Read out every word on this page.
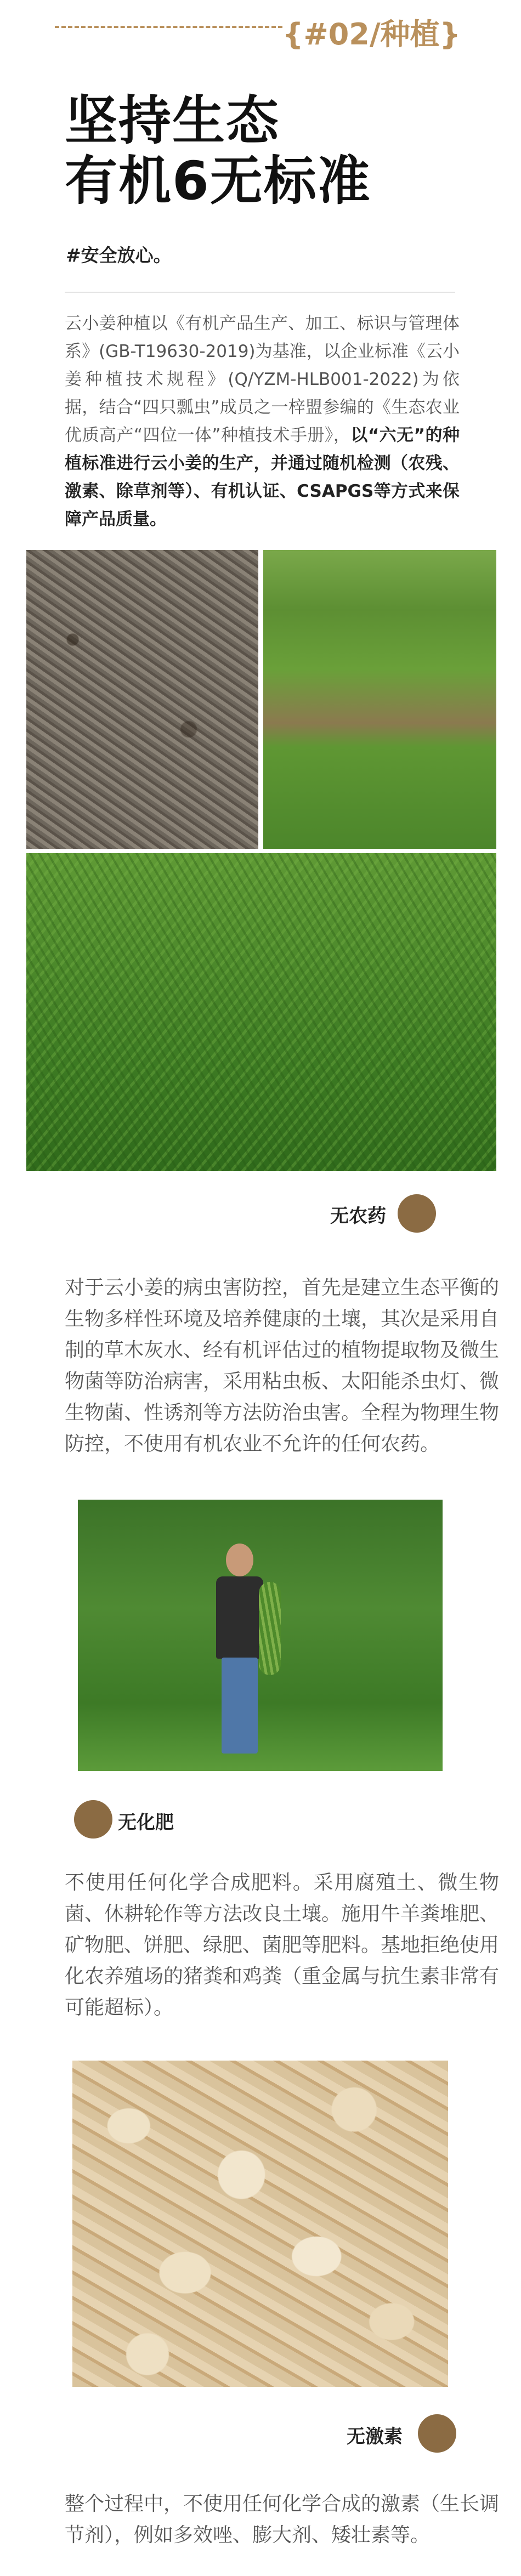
{#02/种植}
坚持生态
有机6无标准
#安全放心。
云小姜种植以《有机产品生产、加工、标识与管理体系》(GB-T19630-2019)为基准，以企业标准《云小姜种植技术规程》(Q/YZM-HLB001-2022)为依据，结合“四只瓢虫”成员之一梓盟参编的《生态农业优质高产“四位一体”种植技术手册》，以“六无”的种植标准进行云小姜的生产，并通过随机检测（农残、激素、除草剂等）、有机认证、CSAPGS等方式来保障产品质量。
无农药
对于云小姜的病虫害防控，首先是建立生态平衡的生物多样性环境及培养健康的土壤，其次是采用自制的草木灰水、经有机评估过的植物提取物及微生物菌等防治病害，采用粘虫板、太阳能杀虫灯、微生物菌、性诱剂等方法防治虫害。全程为物理生物防控，不使用有机农业不允许的任何农药。
无化肥
不使用任何化学合成肥料。采用腐殖土、微生物菌、休耕轮作等方法改良土壤。施用牛羊粪堆肥、矿物肥、饼肥、绿肥、菌肥等肥料。基地拒绝使用化农养殖场的猪粪和鸡粪（重金属与抗生素非常有可能超标）。
无激素
整个过程中，不使用任何化学合成的激素（生长调节剂），例如多效唑、膨大剂、矮壮素等。
